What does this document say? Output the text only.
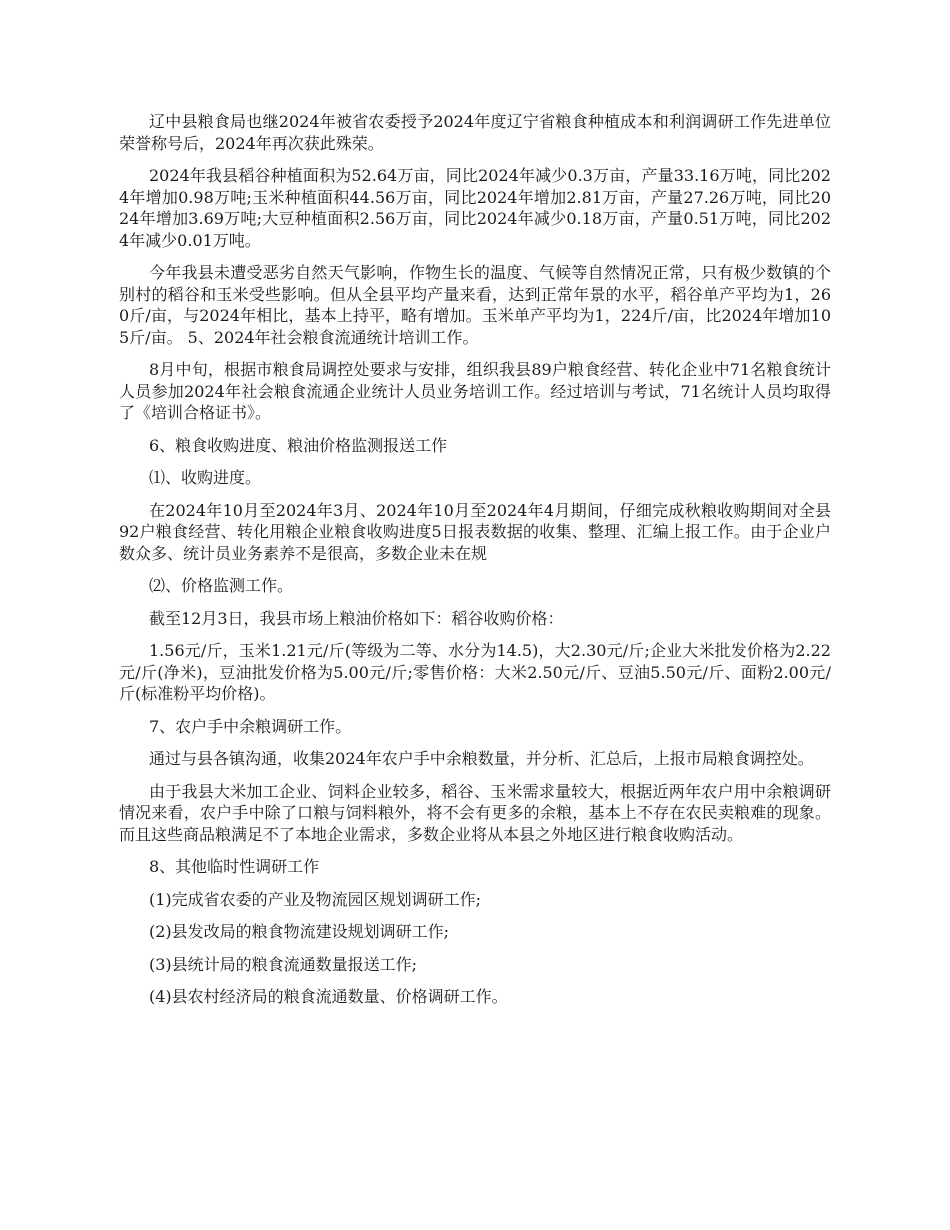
辽中县粮食局也继2024年被省农委授予2024年度辽宁省粮食种植成本和利润调研工作先进单位荣誉称号后，2024年再次获此殊荣。

2024年我县稻谷种植面积为52.64万亩，同比2024年减少0.3万亩，产量33.16万吨，同比2024年增加0.98万吨;玉米种植面积44.56万亩，同比2024年增加2.81万亩，产量27.26万吨，同比2024年增加3.69万吨;大豆种植面积2.56万亩，同比2024年减少0.18万亩，产量0.51万吨，同比2024年减少0.01万吨。

今年我县未遭受恶劣自然天气影响，作物生长的温度、气候等自然情况正常，只有极少数镇的个别村的稻谷和玉米受些影响。但从全县平均产量来看，达到正常年景的水平，稻谷单产平均为1，260斤/亩，与2024年相比，基本上持平，略有增加。玉米单产平均为1，224斤/亩，比2024年增加105斤/亩。 5、2024年社会粮食流通统计培训工作。

8月中旬，根据市粮食局调控处要求与安排，组织我县89户粮食经营、转化企业中71名粮食统计人员参加2024年社会粮食流通企业统计人员业务培训工作。经过培训与考试，71名统计人员均取得了《培训合格证书》。

6、粮食收购进度、粮油价格监测报送工作

⑴、收购进度。

在2024年10月至2024年3月、2024年10月至2024年4月期间，仔细完成秋粮收购期间对全县92户粮食经营、转化用粮企业粮食收购进度5日报表数据的收集、整理、汇编上报工作。由于企业户数众多、统计员业务素养不是很高，多数企业未在规

⑵、价格监测工作。

截至12月3日，我县市场上粮油价格如下：稻谷收购价格：

1.56元/斤，玉米1.21元/斤(等级为二等、水分为14.5)，大2.30元/斤;企业大米批发价格为2.22元/斤(净米)，豆油批发价格为5.00元/斤;零售价格：大米2.50元/斤、豆油5.50元/斤、面粉2.00元/斤(标准粉平均价格)。

7、农户手中余粮调研工作。

通过与县各镇沟通，收集2024年农户手中余粮数量，并分析、汇总后，上报市局粮食调控处。

由于我县大米加工企业、饲料企业较多，稻谷、玉米需求量较大，根据近两年农户用中余粮调研情况来看，农户手中除了口粮与饲料粮外，将不会有更多的余粮，基本上不存在农民卖粮难的现象。而且这些商品粮满足不了本地企业需求，多数企业将从本县之外地区进行粮食收购活动。

8、其他临时性调研工作

(1)完成省农委的产业及物流园区规划调研工作;

(2)县发改局的粮食物流建设规划调研工作;

(3)县统计局的粮食流通数量报送工作;

(4)县农村经济局的粮食流通数量、价格调研工作。
